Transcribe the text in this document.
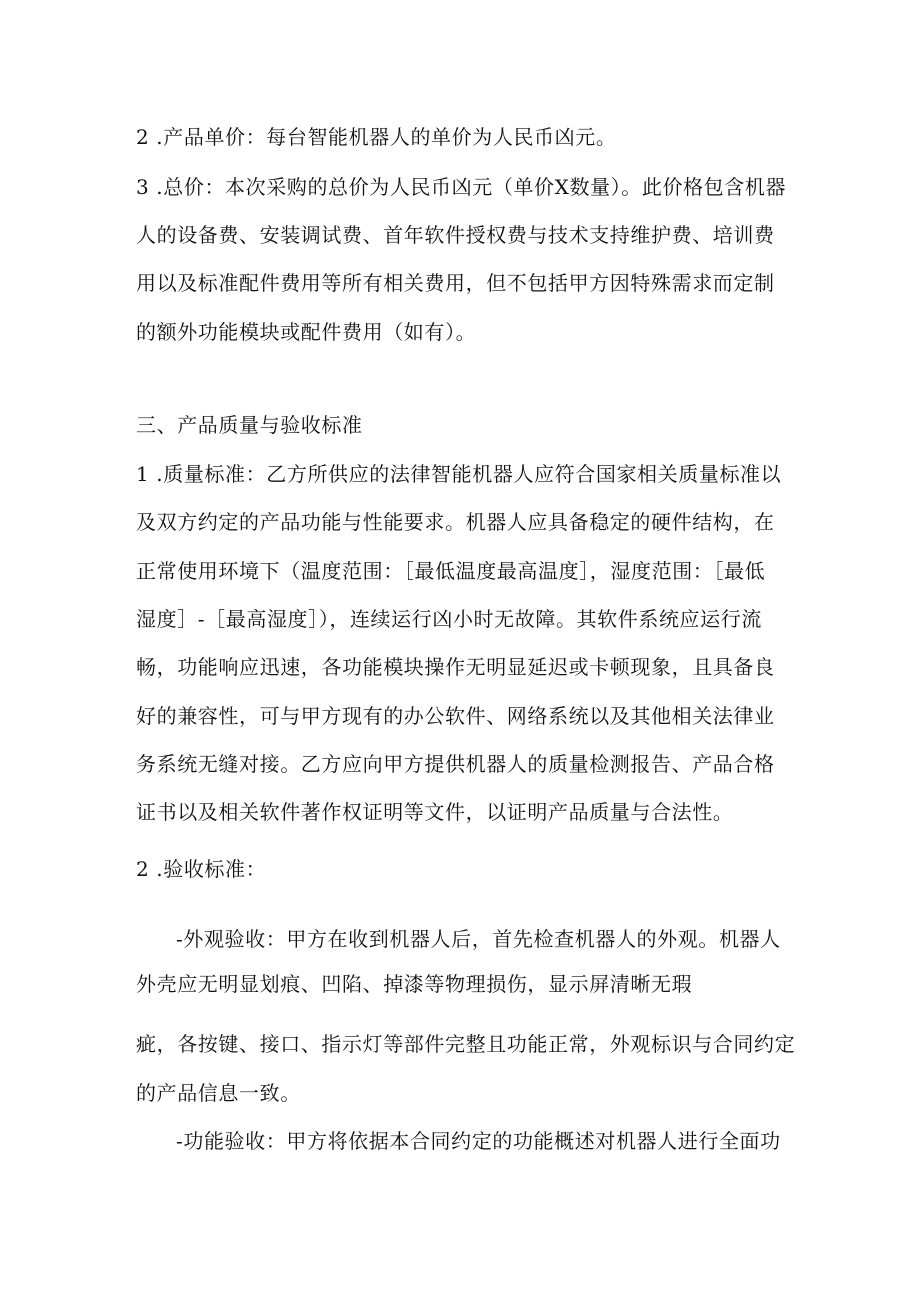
2 .产品单价：每台智能机器人的单价为人民币凶元。
3 .总价：本次采购的总价为人民币凶元（单价X数量）。此价格包含机器
人的设备费、安装调试费、首年软件授权费与技术支持维护费、培训费
用以及标准配件费用等所有相关费用，但不包括甲方因特殊需求而定制
的额外功能模块或配件费用（如有）。
三、产品质量与验收标准
1 .质量标准：乙方所供应的法律智能机器人应符合国家相关质量标准以
及双方约定的产品功能与性能要求。机器人应具备稳定的硬件结构，在
正常使用环境下（温度范围：［最低温度最高温度］，湿度范围：［最低
湿度］-［最高湿度］），连续运行凶小时无故障。其软件系统应运行流
畅，功能响应迅速，各功能模块操作无明显延迟或卡顿现象，且具备良
好的兼容性，可与甲方现有的办公软件、网络系统以及其他相关法律业
务系统无缝对接。乙方应向甲方提供机器人的质量检测报告、产品合格
证书以及相关软件著作权证明等文件，以证明产品质量与合法性。
2 .验收标准：
-外观验收：甲方在收到机器人后，首先检查机器人的外观。机器人
外壳应无明显划痕、凹陷、掉漆等物理损伤，显示屏清晰无瑕
疵，各按键、接口、指示灯等部件完整且功能正常，外观标识与合同约定
的产品信息一致。
-功能验收：甲方将依据本合同约定的功能概述对机器人进行全面功
